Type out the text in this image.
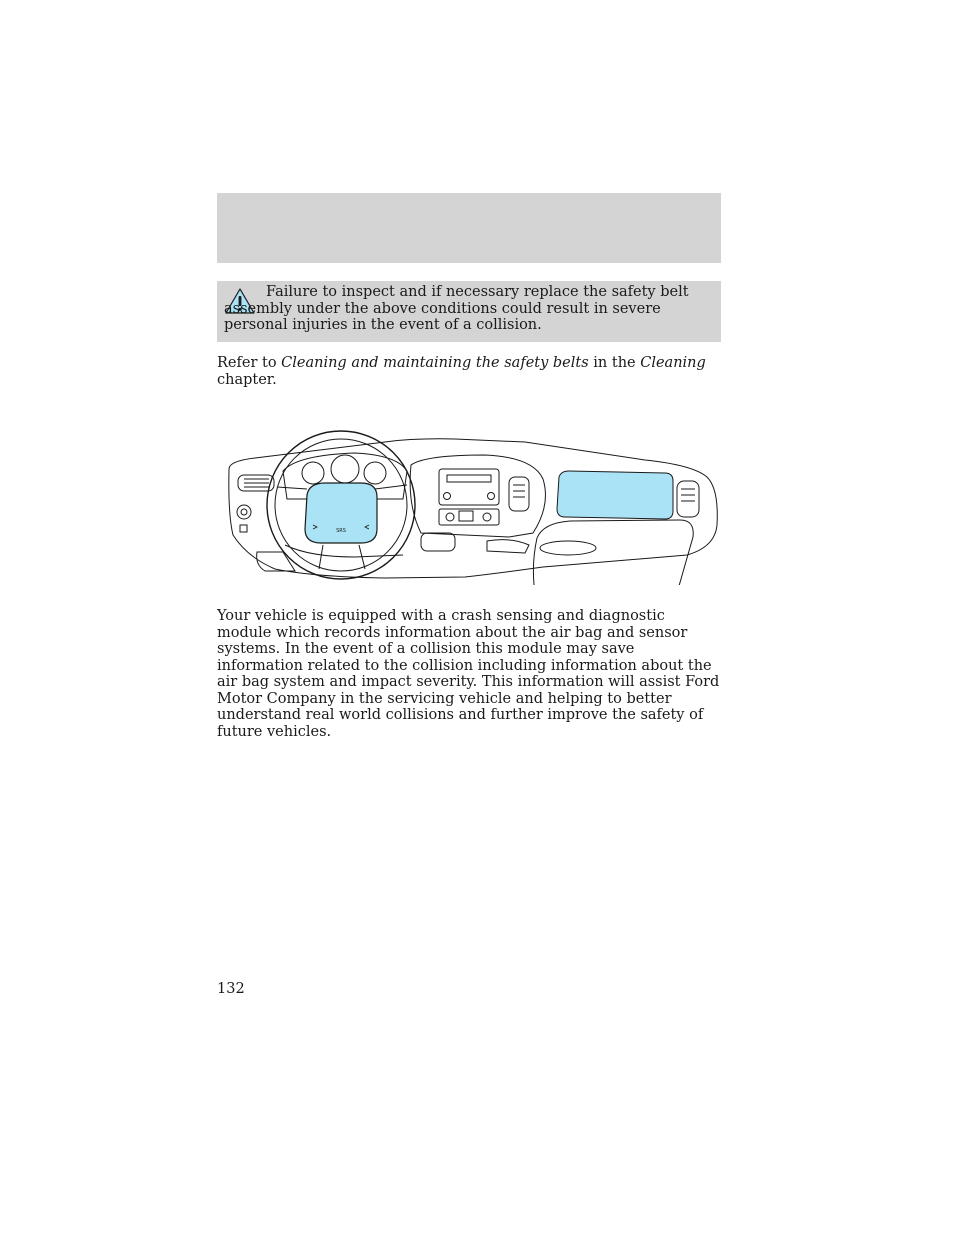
Failure to inspect and if necessary replace the safety belt assembly under the above conditions could result in severe personal injuries in the event of a collision.

Refer to Cleaning and maintaining the safety belts in the Cleaning chapter.

SRS

Your vehicle is equipped with a crash sensing and diagnostic module which records information about the air bag and sensor systems. In the event of a collision this module may save information related to the collision including information about the air bag system and impact severity. This information will assist Ford Motor Company in the servicing vehicle and helping to better understand real world collisions and further improve the safety of future vehicles.

132
